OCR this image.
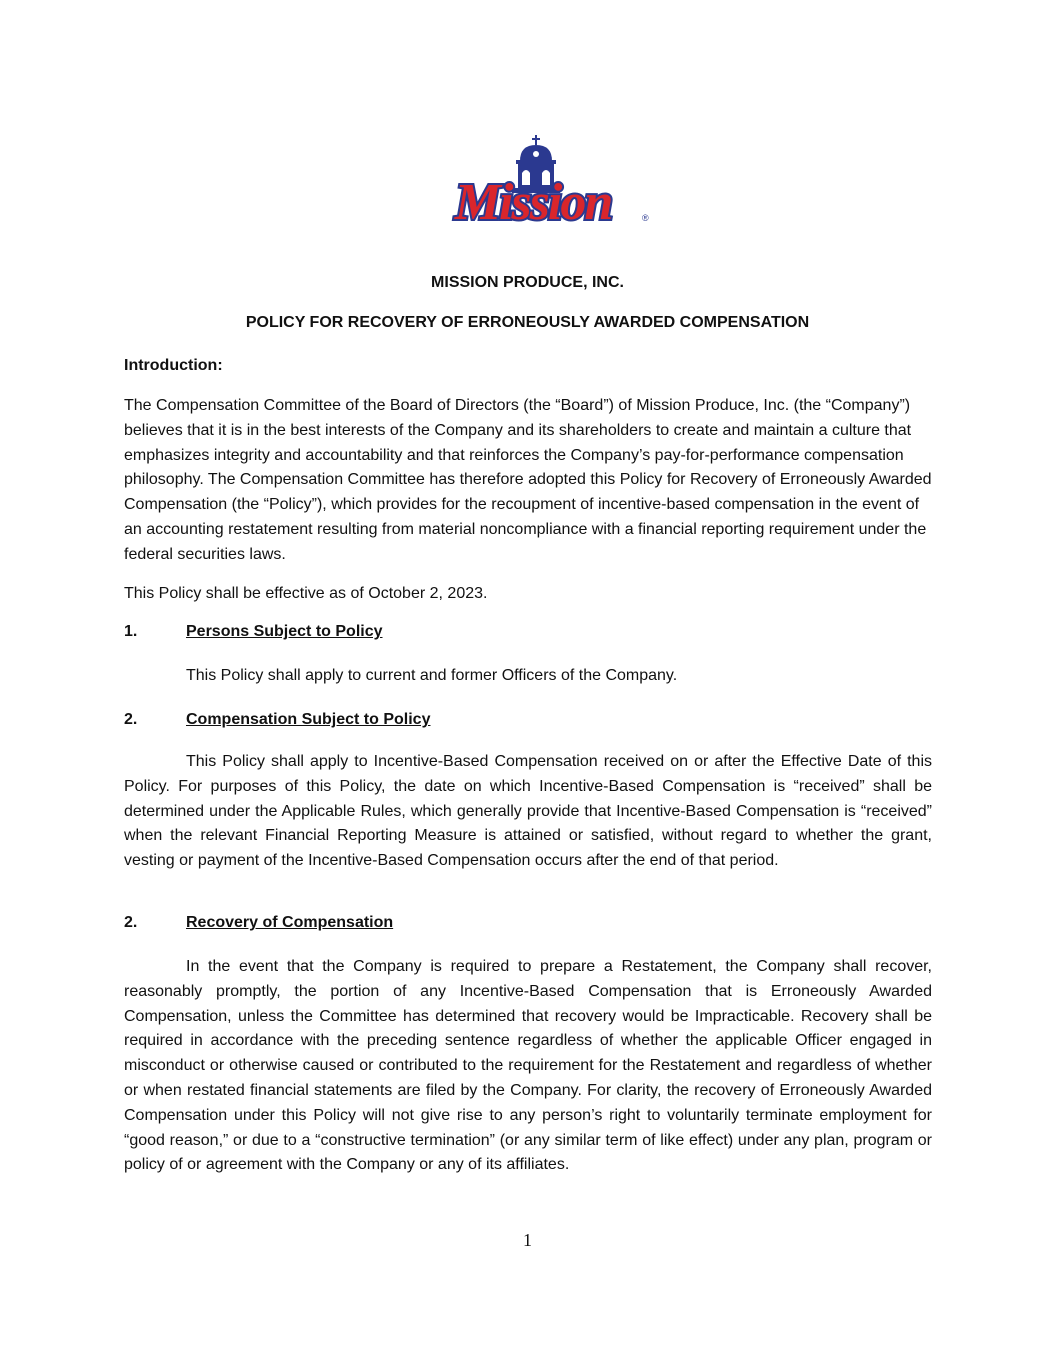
Mission	®
MISSION PRODUCE, INC.
POLICY FOR RECOVERY OF ERRONEOUSLY AWARDED COMPENSATION
Introduction:

The Compensation Committee of the Board of Directors (the “Board”) of Mission Produce, Inc. (the “Company”) believes that it is in the best interests of the Company and its shareholders to create and maintain a culture that emphasizes integrity and accountability and that reinforces the Company’s pay-for-performance compensation philosophy. The Compensation Committee has therefore adopted this Policy for Recovery of Erroneously Awarded Compensation (the “Policy”), which provides for the recoupment of incentive-based compensation in the event of an accounting restatement resulting from material noncompliance with a financial reporting requirement under the federal securities laws.

This Policy shall be effective as of October 2, 2023.

1.	Persons Subject to Policy
This Policy shall apply to current and former Officers of the Company.
2.	Compensation Subject to Policy

This Policy shall apply to Incentive-Based Compensation received on or after the Effective Date of this Policy. For purposes of this Policy, the date on which Incentive-Based Compensation is “received” shall be determined under the Applicable Rules, which generally provide that Incentive-Based Compensation is “received” when the relevant Financial Reporting Measure is attained or satisfied, without regard to whether the grant, vesting or payment of the Incentive-Based Compensation occurs after the end of that period.

2.	Recovery of Compensation

In the event that the Company is required to prepare a Restatement, the Company shall recover, reasonably promptly, the portion of any Incentive-Based Compensation that is Erroneously Awarded Compensation, unless the Committee has determined that recovery would be Impracticable. Recovery shall be required in accordance with the preceding sentence regardless of whether the applicable Officer engaged in misconduct or otherwise caused or contributed to the requirement for the Restatement and regardless of whether or when restated financial statements are filed by the Company. For clarity, the recovery of Erroneously Awarded Compensation under this Policy will not give rise to any person’s right to voluntarily terminate employment for “good reason,” or due to a “constructive termination” (or any similar term of like effect) under any plan, program or policy of or agreement with the Company or any of its affiliates.

1
